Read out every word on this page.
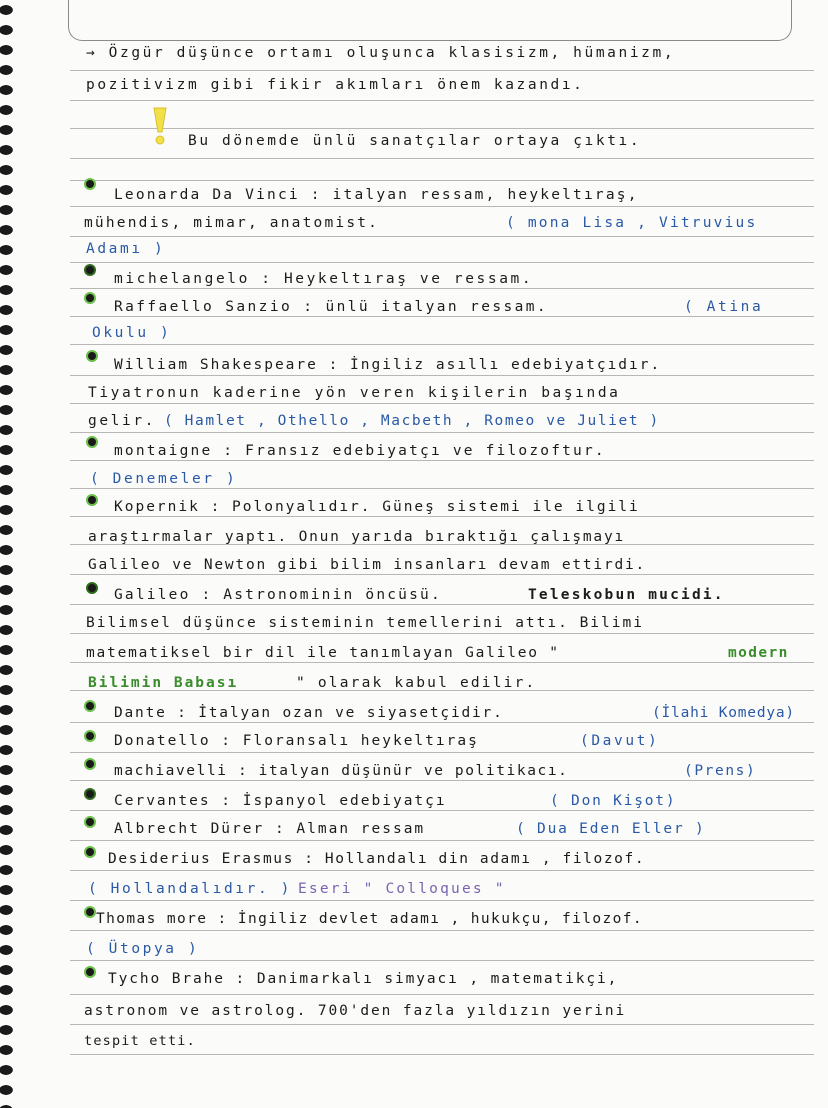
→ Özgür düşünce ortamı oluşunca klasisizm, hümanizm,
pozitivizm gibi fikir akımları önem kazandı.
Bu dönemde ünlü sanatçılar ortaya çıktı.
Leonarda Da Vinci : italyan ressam, heykeltıraş,
mühendis, mimar, anatomist.	( mona Lisa , Vitruvius
Adamı )
michelangelo : Heykeltıraş ve ressam.
Raffaello Sanzio : ünlü italyan ressam.	( Atina
Okulu )
William Shakespeare : İngiliz asıllı edebiyatçıdır.
Tiyatronun kaderine yön veren kişilerin başında
gelir. ( Hamlet , Othello , Macbeth , Romeo ve Juliet )
montaigne : Fransız edebiyatçı ve filozoftur.
( Denemeler )
Kopernik : Polonyalıdır. Güneş sistemi ile ilgili
araştırmalar yaptı. Onun yarıda bıraktığı çalışmayı
Galileo ve Newton gibi bilim insanları devam ettirdi.
Galileo : Astronominin öncüsü.	Teleskobun mucidi.
Bilimsel düşünce sisteminin temellerini attı. Bilimi
matematiksel bir dil ile tanımlayan Galileo "	modern
Bilimin Babası	" olarak kabul edilir.
Dante : İtalyan ozan ve siyasetçidir.	(İlahi Komedya)
Donatello : Floransalı heykeltıraş	(Davut)
machiavelli : italyan düşünür ve politikacı.	(Prens)
Cervantes : İspanyol edebiyatçı	( Don Kişot)
Albrecht Dürer : Alman ressam	( Dua Eden Eller )
Desiderius Erasmus : Hollandalı din adamı , filozof.
( Hollandalıdır. ) Eseri " Colloques "
Thomas more : İngiliz devlet adamı , hukukçu, filozof.
( Ütopya )
Tycho Brahe : Danimarkalı simyacı , matematikçi,
astronom ve astrolog. 700'den fazla yıldızın yerini
tespit etti.
